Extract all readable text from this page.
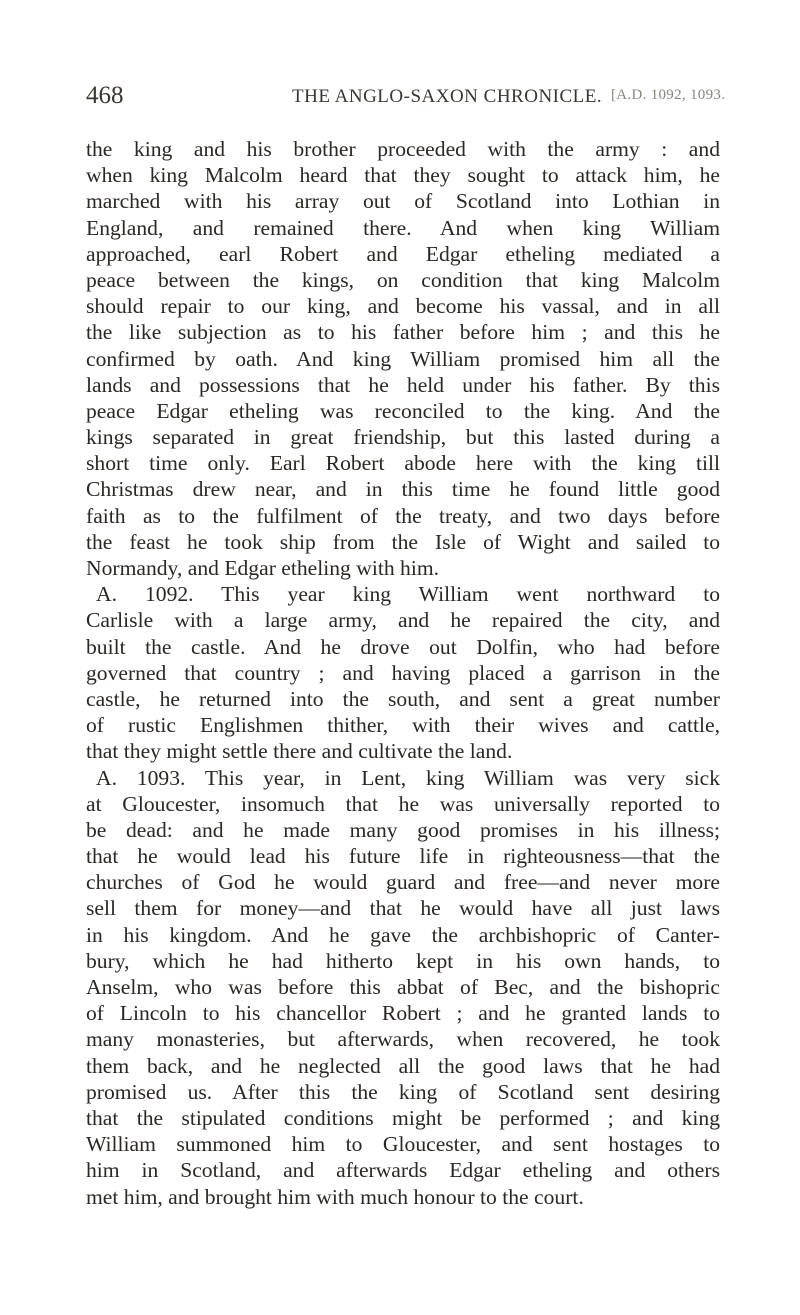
468	THE ANGLO-SAXON CHRONICLE. [A.D. 1092, 1093.
the king and his brother proceeded with the army : and
when king Malcolm heard that they sought to attack him, he
marched with his array out of Scotland into Lothian in
England, and remained there. And when king William
approached, earl Robert and Edgar etheling mediated a
peace between the kings, on condition that king Malcolm
should repair to our king, and become his vassal, and in all
the like subjection as to his father before him ; and this he
confirmed by oath. And king William promised him all the
lands and possessions that he held under his father. By this
peace Edgar etheling was reconciled to the king. And the
kings separated in great friendship, but this lasted during a
short time only. Earl Robert abode here with the king till
Christmas drew near, and in this time he found little good
faith as to the fulfilment of the treaty, and two days before
the feast he took ship from the Isle of Wight and sailed to
Normandy, and Edgar etheling with him.
A. 1092. This year king William went northward to
Carlisle with a large army, and he repaired the city, and
built the castle. And he drove out Dolfin, who had before
governed that country ; and having placed a garrison in the
castle, he returned into the south, and sent a great number
of rustic Englishmen thither, with their wives and cattle,
that they might settle there and cultivate the land.
A. 1093. This year, in Lent, king William was very sick
at Gloucester, insomuch that he was universally reported to
be dead: and he made many good promises in his illness;
that he would lead his future life in righteousness—that the
churches of God he would guard and free—and never more
sell them for money—and that he would have all just laws
in his kingdom. And he gave the archbishopric of Canter-
bury, which he had hitherto kept in his own hands, to
Anselm, who was before this abbat of Bec, and the bishopric
of Lincoln to his chancellor Robert ; and he granted lands to
many monasteries, but afterwards, when recovered, he took
them back, and he neglected all the good laws that he had
promised us. After this the king of Scotland sent desiring
that the stipulated conditions might be performed ; and king
William summoned him to Gloucester, and sent hostages to
him in Scotland, and afterwards Edgar etheling and others
met him, and brought him with much honour to the court.
